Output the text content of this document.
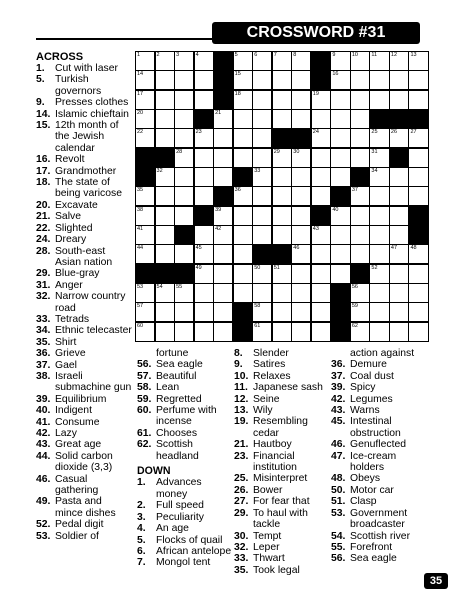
CROSSWORD #31
ACROSS
1. Cut with laser
5. Turkish governors
9. Presses clothes
14. Islamic chieftain
15. 12th month of the Jewish calendar
16. Revolt
17. Grandmother
18. The state of being varicose
20. Excavate
21. Salve
22. Slighted
24. Dreary
28. South-east Asian nation
29. Blue-gray
31. Anger
32. Narrow country road
33. Tetrads
34. Ethnic telecaster
35. Shirt
36. Grieve
37. Gael
38. Israeli submachine gun
39. Equilibrium
40. Indigent
41. Consume
42. Lazy
43. Great age
44. Solid carbon dioxide (3,3)
46. Casual gathering
49. Pasta and mince dishes
52. Pedal digit
53. Soldier of
fortune
56. Sea eagle
57. Beautiful
58. Lean
59. Regretted
60. Perfume with incense
61. Chooses
62. Scottish headland
DOWN
1. Advances money
2. Full speed
3. Peculiarity
4. An age
5. Flocks of quail
6. African antelope
7. Mongol tent
8. Slender
9. Satires
10. Relaxes
11. Japanese sash
12. Seine
13. Wily
19. Resembling cedar
21. Hautboy
23. Financial institution
25. Misinterpret
26. Bower
27. For fear that
29. To haul with tackle
30. Tempt
32. Leper
33. Thwart
35. Took legal
action against
36. Demure
37. Coal dust
39. Spicy
42. Legumes
43. Warns
45. Intestinal obstruction
46. Genuflected
47. Ice-cream holders
48. Obeys
50. Motor car
51. Clasp
53. Government broadcaster
54. Scottish river
55. Forefront
56. Sea eagle
1	2	3	4	5	6	7	8	9	10 11	12 13
14	15	16
17	18	19
20	21
22	23	24	25 26 27
28	29 30	31
32	33	34
35	36	37
38	39	40
41	42	43
44	45	46	47 48
49	50 51	52
53 54 55	56
57	58	59
60	61	62
35
